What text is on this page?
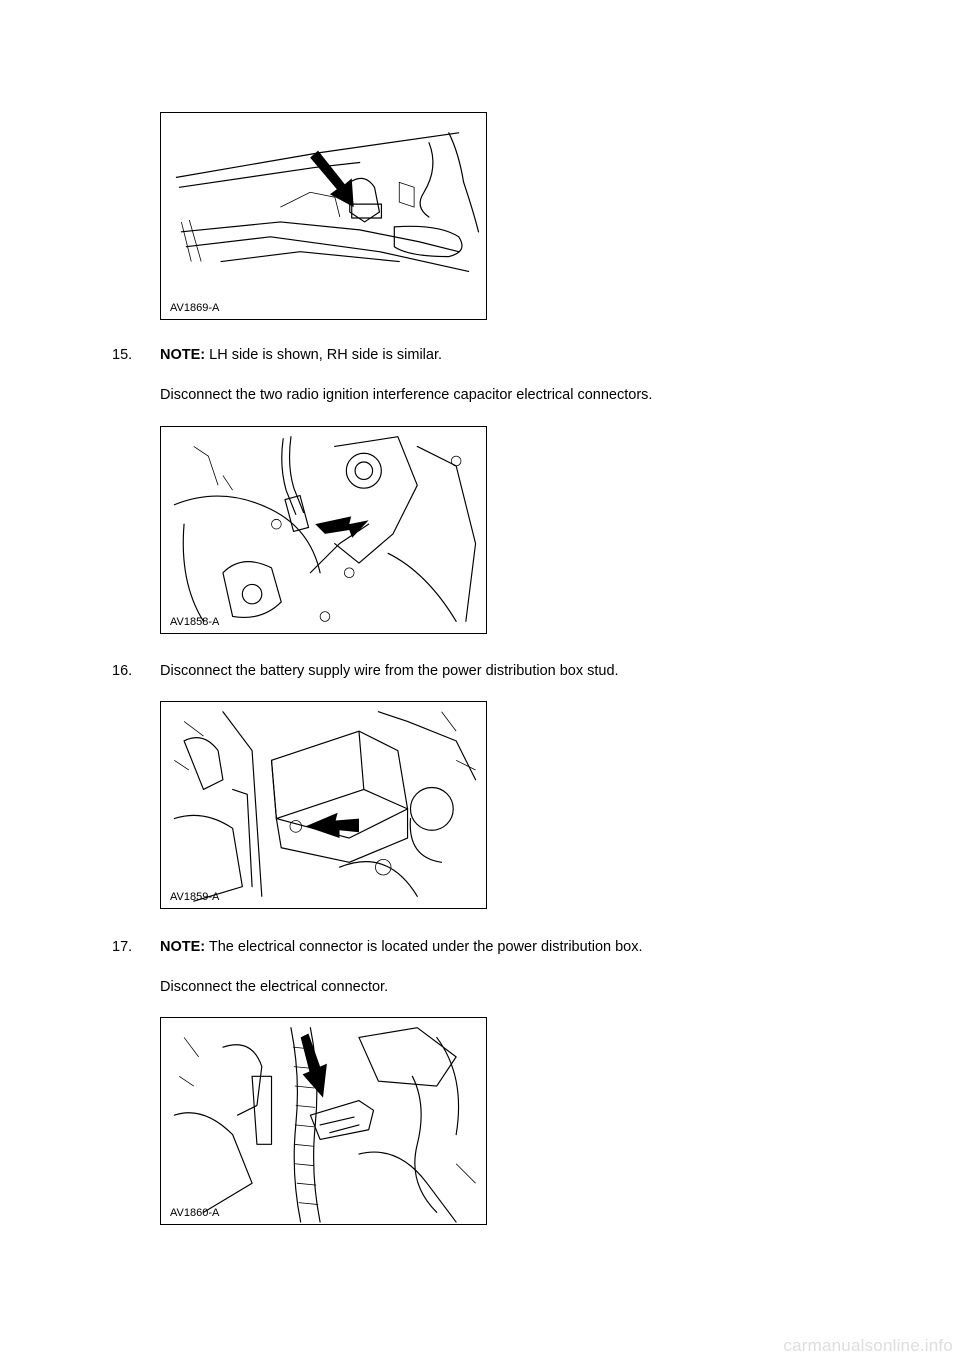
AV1869-A
15. NOTE: LH side is shown, RH side is similar.
Disconnect the two radio ignition interference capacitor electrical connectors.
AV1858-A
16. Disconnect the battery supply wire from the power distribution box stud.
AV1859-A
17. NOTE: The electrical connector is located under the power distribution box.
Disconnect the electrical connector.
AV1860-A
carmanualsonline.info
